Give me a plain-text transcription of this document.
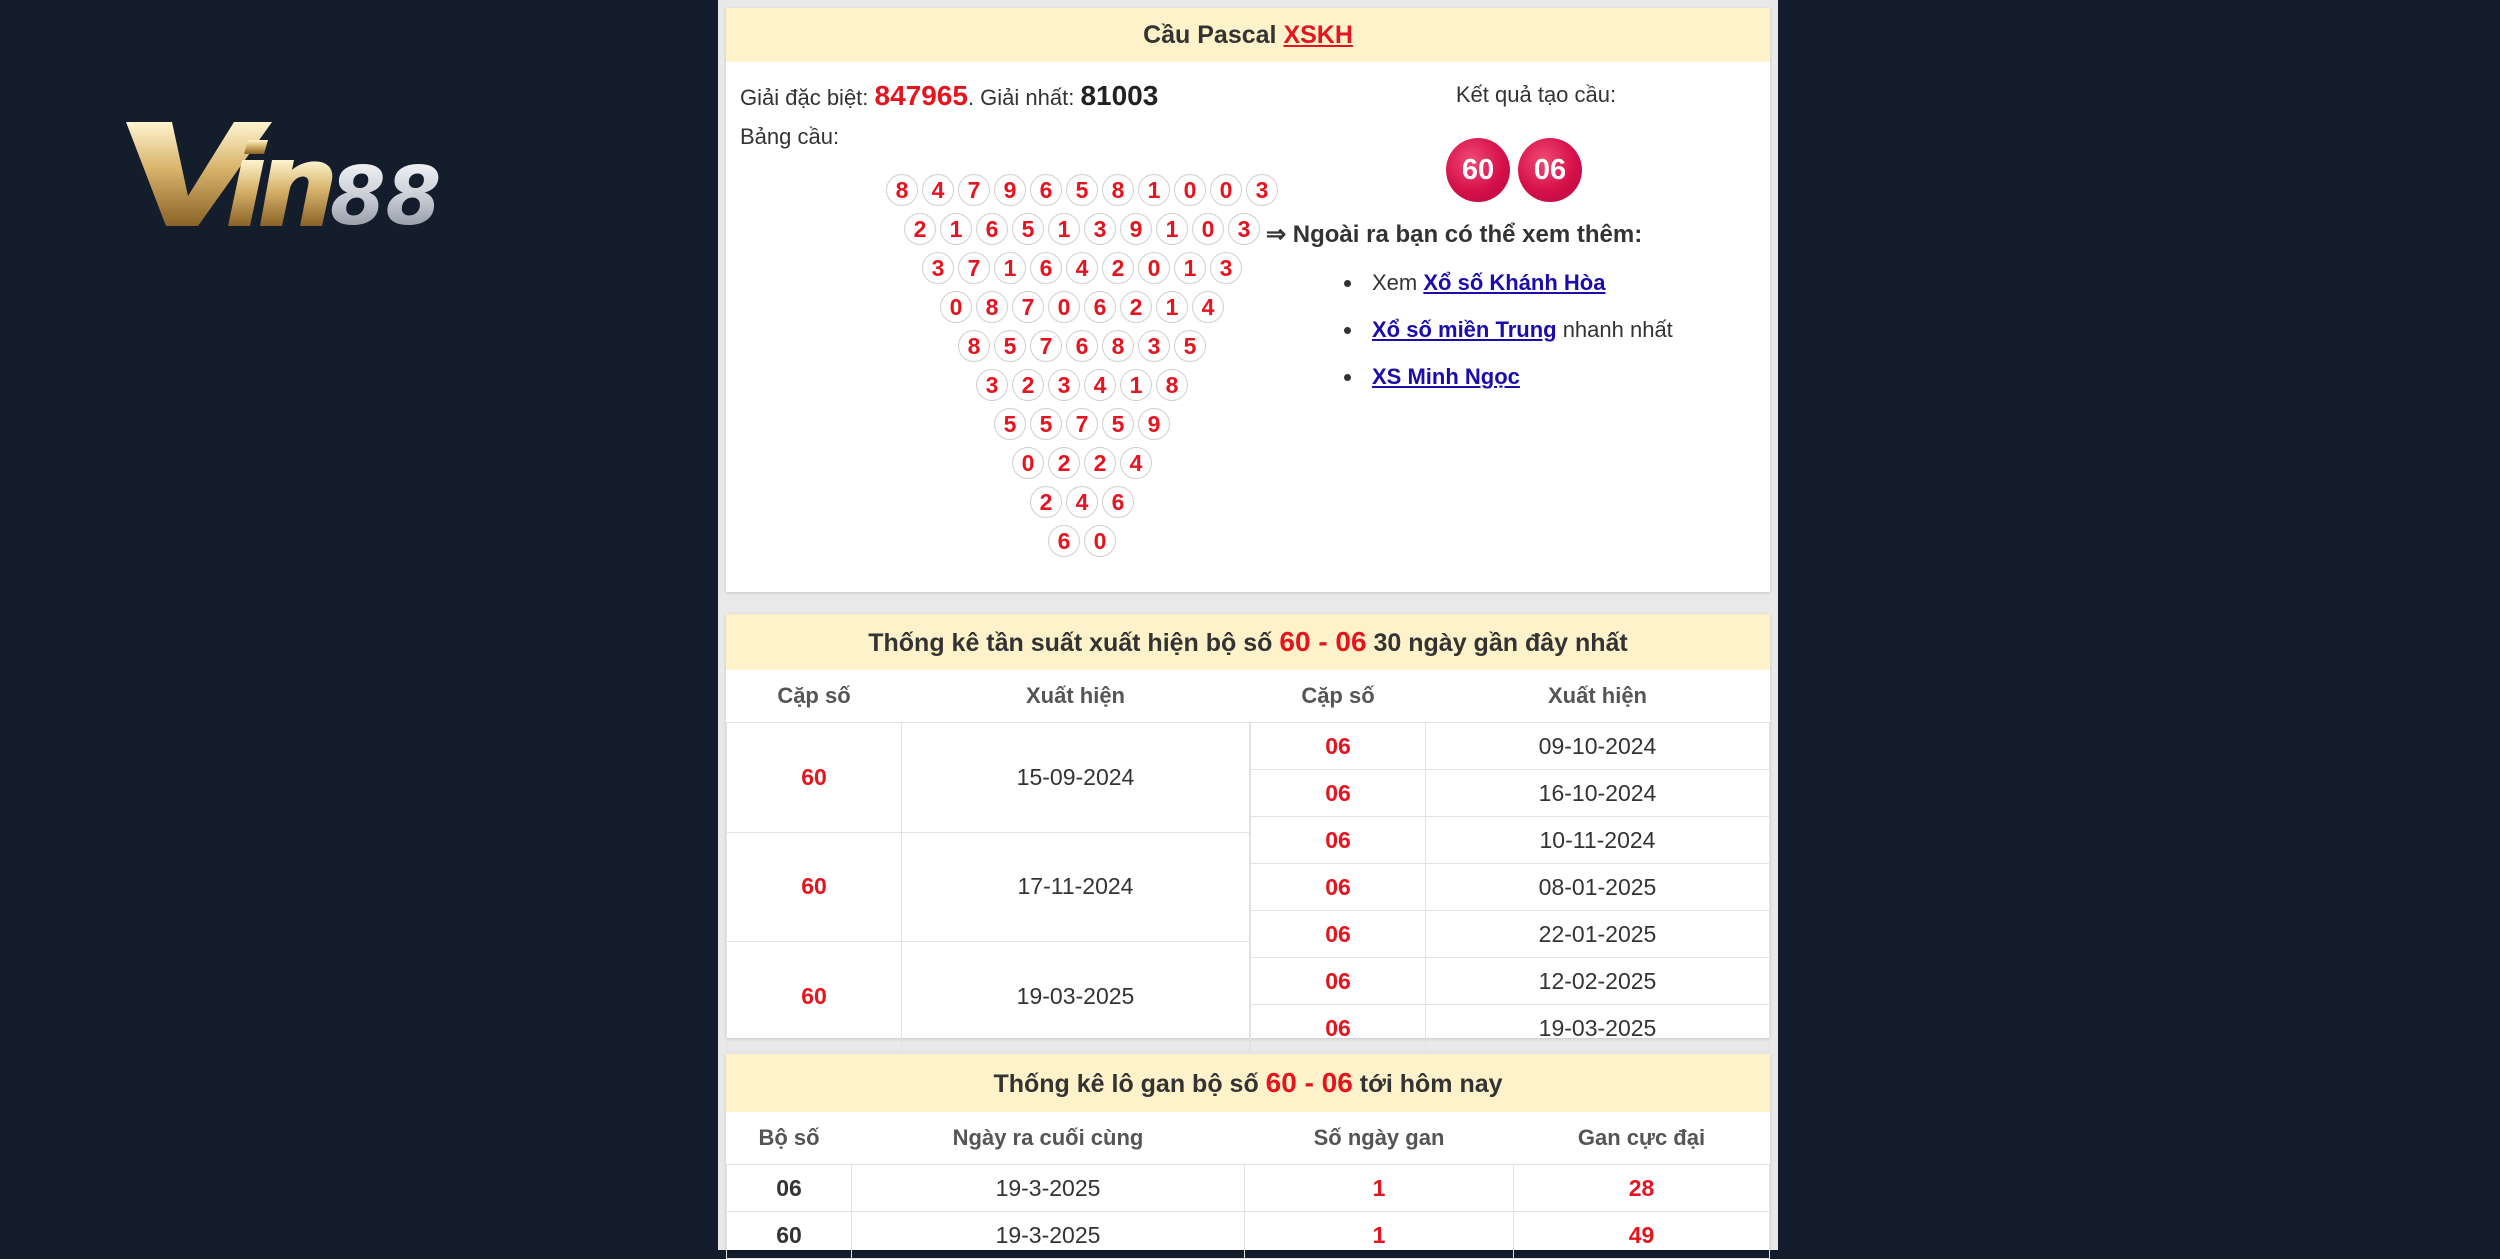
88
Cầu Pascal XSKH
Giải đặc biệt: 847965. Giải nhất: 81003
Bảng cầu:
8	4	7	9	6	5	8	1	0	0	3
2	1	6	5	1	3	9	1	0	3
3	7	1	6	4	2	0	1	3
0	8	7	0	6	2	1	4
8	5	7	6	8	3	5
3	2	3	4	1	8
5	5	7	5	9
0	2	2	4
2	4	6
6	0
Kết quả tạo cầu:
60	06
⇒ Ngoài ra bạn có thể xem thêm:
Xem Xổ số Khánh Hòa
Xổ số miền Trung nhanh nhất
XS Minh Ngọc
Thống kê tần suất xuất hiện bộ số 60 - 06 30 ngày gần đây nhất
Cặp số	Xuất hiện
60	15-09-2024
60	17-11-2024
60	19-03-2025
Cặp số	Xuất hiện
06	09-10-2024
06	16-10-2024
06	10-11-2024
06	08-01-2025
06	22-01-2025
06	12-02-2025
06	19-03-2025
Thống kê lô gan bộ số 60 - 06 tới hôm nay
Bộ số	Ngày ra cuối cùng	Số ngày gan	Gan cực đại
06	19-3-2025	1	28
60	19-3-2025	1	49
